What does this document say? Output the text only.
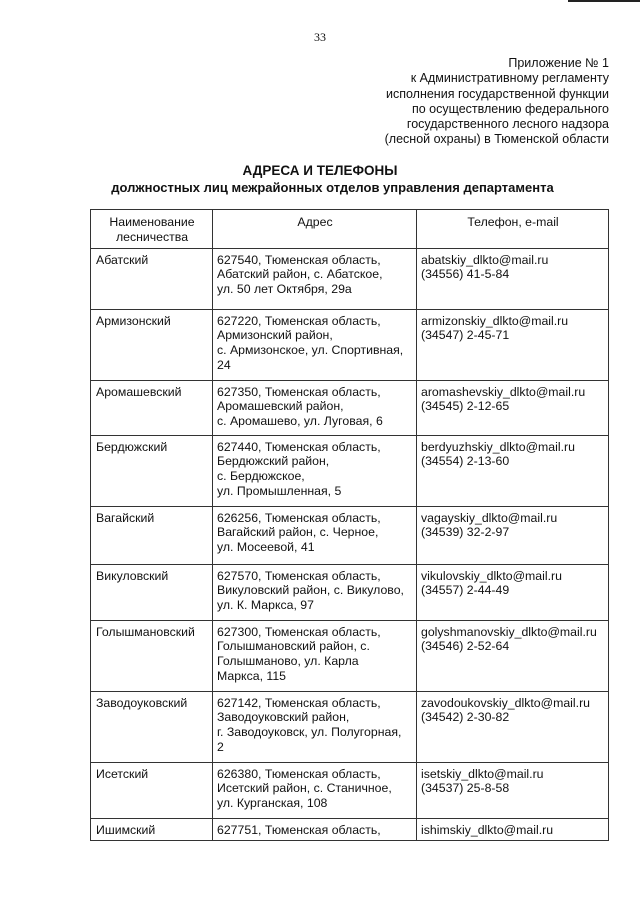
33
Приложение № 1
к Административному регламенту
исполнения государственной функции
по осуществлению федерального
государственного лесного надзора
(лесной охраны) в Тюменской области
АДРЕСА И ТЕЛЕФОНЫ
должностных лиц межрайонных отделов управления департамента
Наименование
лесничества	Адрес	Телефон, e-mail

Абатский	627540, Тюменская область,
Абатский район, с. Абатское,
ул. 50 лет Октября, 29а	abatskiy_dlkto@mail.ru
(34556) 41-5-84

Армизонский	627220, Тюменская область,
Армизонский район,
с. Армизонское, ул. Спортивная,
24	armizonskiy_dlkto@mail.ru
(34547) 2-45-71

Аромашевский	627350, Тюменская область,
Аромашевский район,
с. Аромашево, ул. Луговая, 6	aromashevskiy_dlkto@mail.ru
(34545) 2-12-65

Бердюжский	627440, Тюменская область,
Бердюжский район,
с. Бердюжское,
ул. Промышленная, 5	berdyuzhskiy_dlkto@mail.ru
(34554) 2-13-60

Вагайский	626256, Тюменская область,
Вагайский район, с. Черное,
ул. Мосеевой, 41	vagayskiy_dlkto@mail.ru
(34539) 32-2-97

Викуловский	627570, Тюменская область,
Викуловский район, с. Викулово,
ул. К. Маркса, 97	vikulovskiy_dlkto@mail.ru
(34557) 2-44-49

Голышмановский	627300, Тюменская область,
Голышмановский район, с.
Голышманово, ул. Карла
Маркса, 115	golyshmanovskiy_dlkto@mail.ru
(34546) 2-52-64

Заводоуковский	627142, Тюменская область,
Заводоуковский район,
г. Заводоуковск, ул. Полугорная,
2	zavodoukovskiy_dlkto@mail.ru
(34542) 2-30-82

Исетский	626380, Тюменская область,
Исетский район, с. Станичное,
ул. Курганская, 108	isetskiy_dlkto@mail.ru
(34537) 25-8-58

Ишимский	627751, Тюменская область,	ishimskiy_dlkto@mail.ru
